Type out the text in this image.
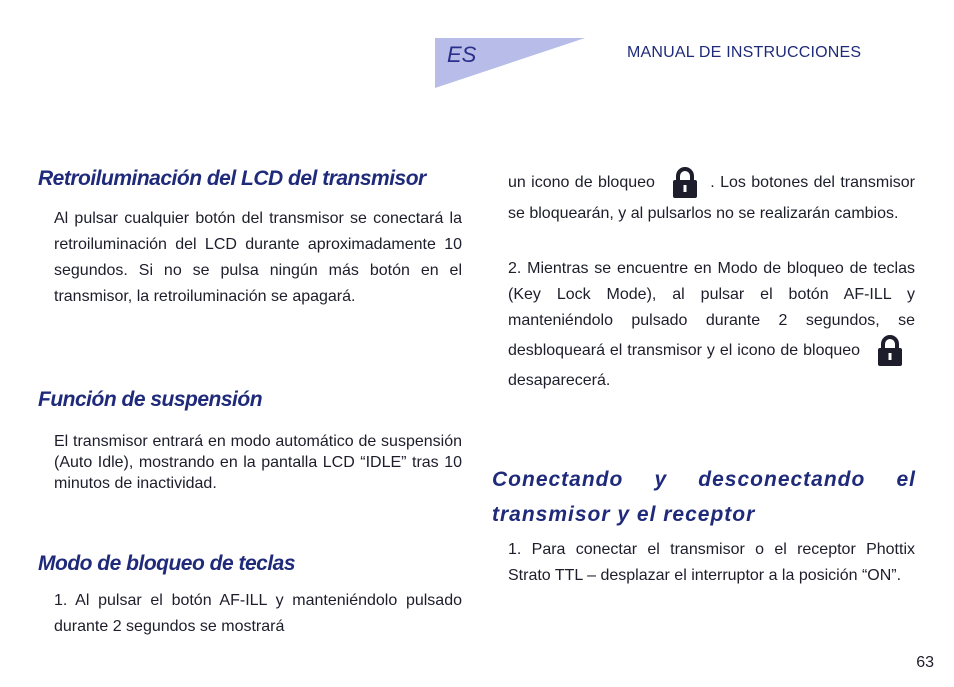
ES	MANUAL DE INSTRUCCIONES
Retroiluminación del LCD del transmisor
Al pulsar cualquier botón del transmisor se conectará la retroiluminación del LCD durante aproximadamente 10 segundos. Si no se pulsa ningún más botón en el transmisor, la retroiluminación se apagará.
Función de suspensión
El transmisor entrará en modo automático de suspensión (Auto Idle), mostrando en la pantalla LCD “IDLE” tras 10 minutos de inactividad.
Modo de bloqueo de teclas
1. Al pulsar el botón AF-ILL y manteniéndolo pulsado durante 2 segundos se mostrará
un icono de bloqueo	. Los botones del transmisor se bloquearán, y al pulsarlos no se realizarán cambios.
2. Mientras se encuentre en Modo de bloqueo de teclas (Key Lock Mode), al pulsar el botón AF-ILL y manteniéndolo pulsado durante 2 segundos, se desbloqueará el transmisor y el icono de bloqueo desaparecerá.
Conectando y desconectando el transmisor y el receptor
1. Para conectar el transmisor o el receptor Phottix Strato TTL – desplazar el interruptor a la posición “ON”.
63
